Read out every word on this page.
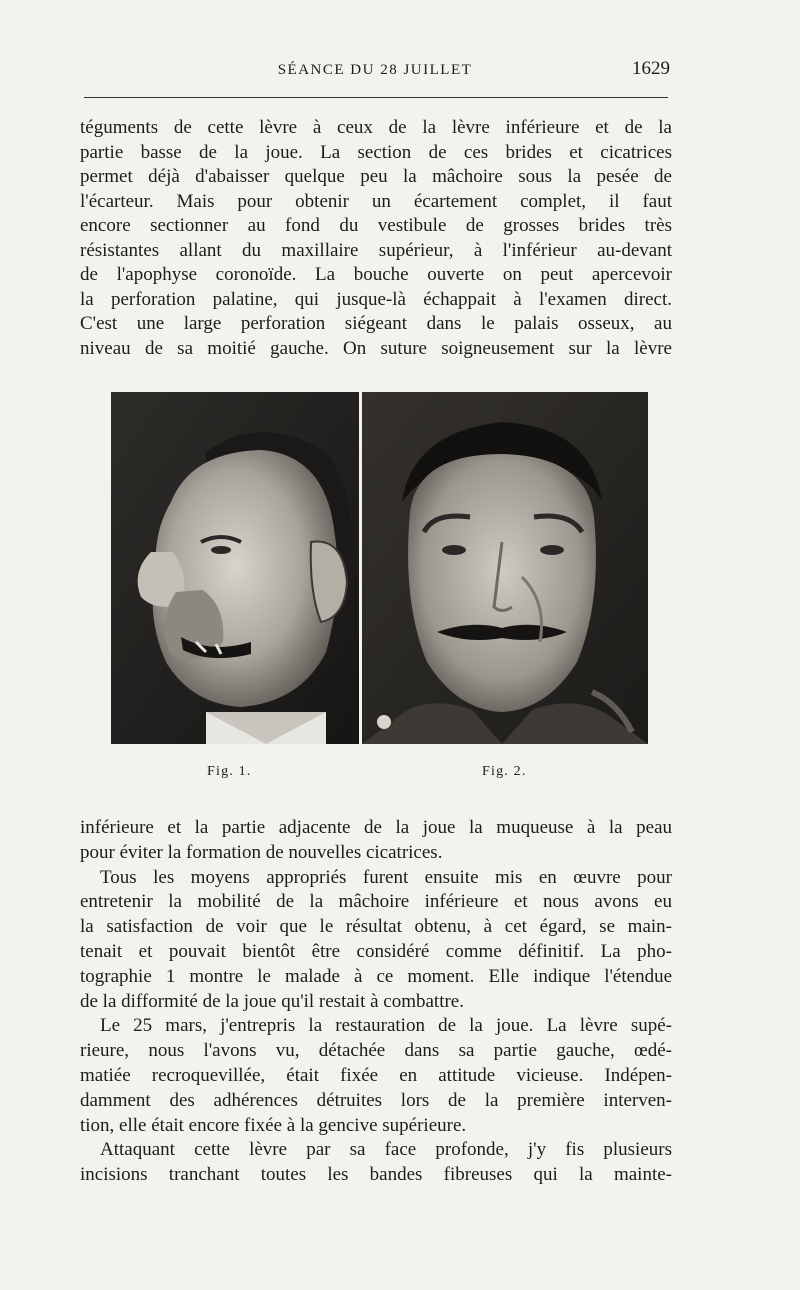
SÉANCE DU 28 JUILLET	1629
téguments de cette lèvre à ceux de la lèvre inférieure et de la
partie basse de la joue. La section de ces brides et cicatrices
permet déjà d'abaisser quelque peu la mâchoire sous la pesée de
l'écarteur. Mais pour obtenir un écartement complet, il faut
encore sectionner au fond du vestibule de grosses brides très
résistantes allant du maxillaire supérieur, à l'inférieur au-devant
de l'apophyse coronoïde. La bouche ouverte on peut apercevoir
la perforation palatine, qui jusque-là échappait à l'examen direct.
C'est une large perforation siégeant dans le palais osseux, au
niveau de sa moitié gauche. On suture soigneusement sur la lèvre
Fig. 1.	Fig. 2.
inférieure et la partie adjacente de la joue la muqueuse à la peau
pour éviter la formation de nouvelles cicatrices.
Tous les moyens appropriés furent ensuite mis en œuvre pour
entretenir la mobilité de la mâchoire inférieure et nous avons eu
la satisfaction de voir que le résultat obtenu, à cet égard, se main-
tenait et pouvait bientôt être considéré comme définitif. La pho-
tographie 1 montre le malade à ce moment. Elle indique l'étendue
de la difformité de la joue qu'il restait à combattre.
Le 25 mars, j'entrepris la restauration de la joue. La lèvre supé-
rieure, nous l'avons vu, détachée dans sa partie gauche, œdé-
matiée recroquevillée, était fixée en attitude vicieuse. Indépen-
damment des adhérences détruites lors de la première interven-
tion, elle était encore fixée à la gencive supérieure.
Attaquant cette lèvre par sa face profonde, j'y fis plusieurs
incisions tranchant toutes les bandes fibreuses qui la mainte-
